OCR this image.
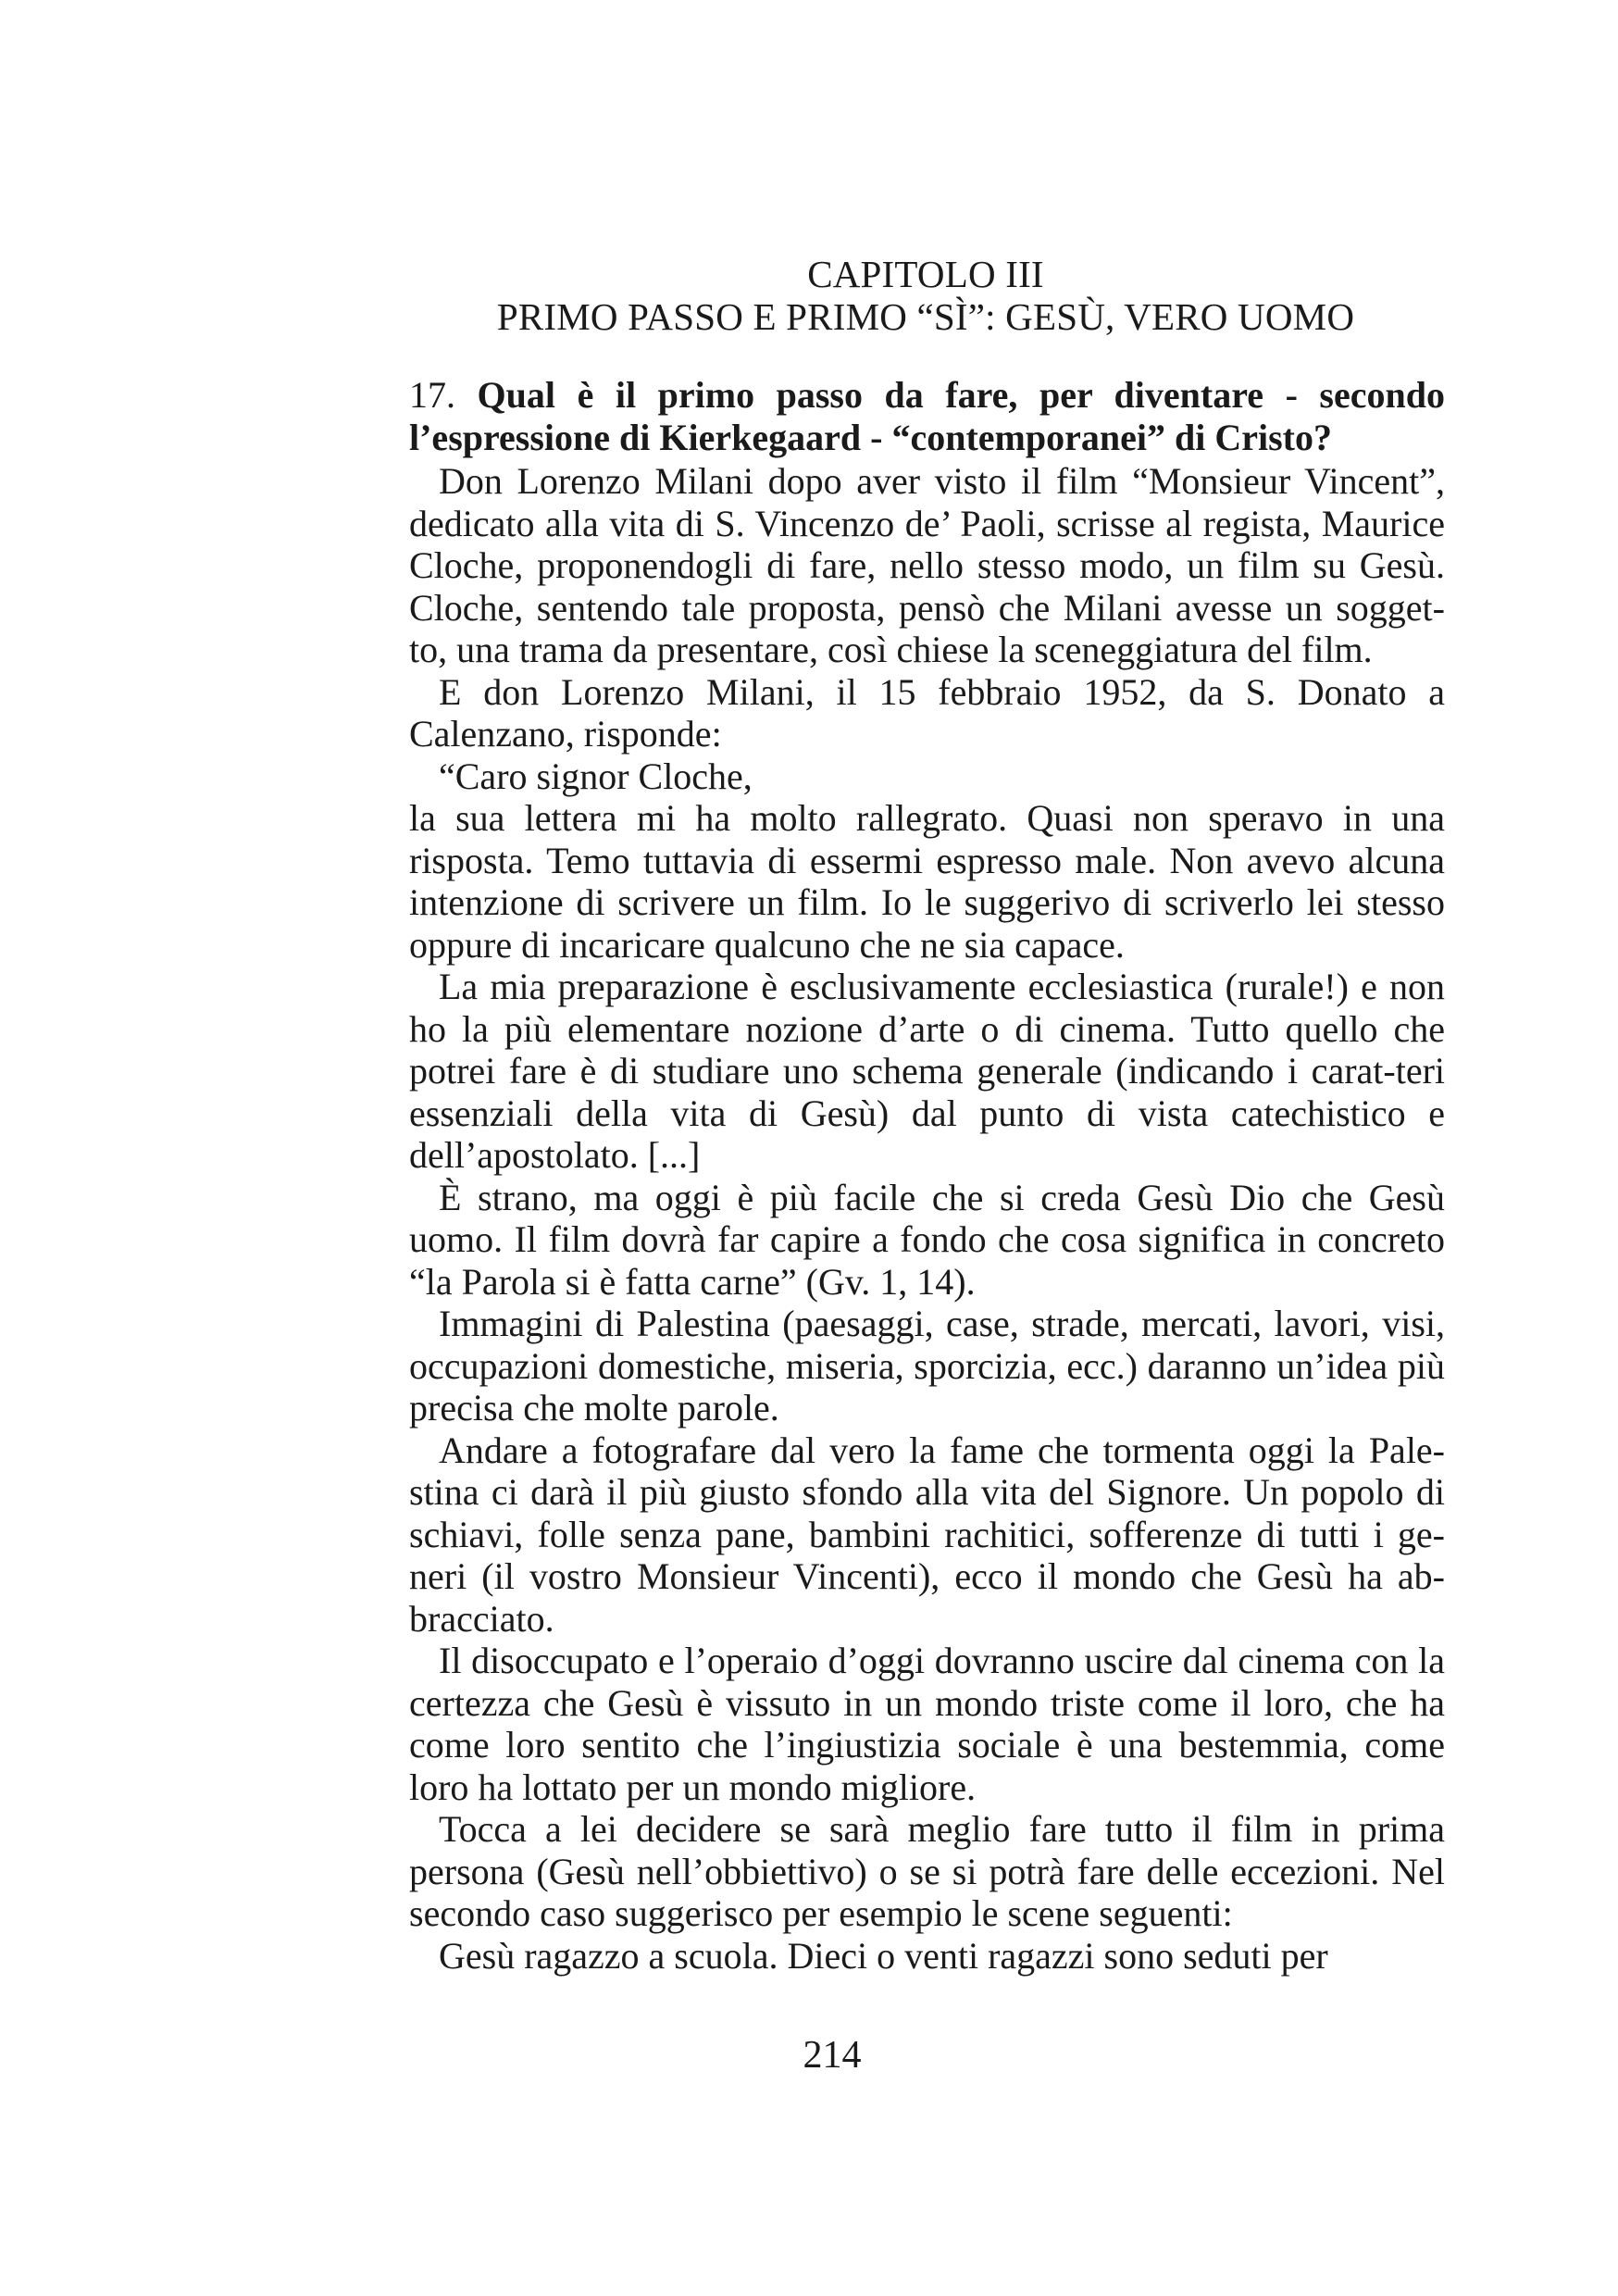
CAPITOLO III
PRIMO PASSO E PRIMO “SÌ”: GESÙ, VERO UOMO

17. Qual è il primo passo da fare, per diventare - secondo l’espressione di Kierkegaard - “contemporanei” di Cristo?

Don Lorenzo Milani dopo aver visto il film “Monsieur Vincent”, dedicato alla vita di S. Vincenzo de’ Paoli, scrisse al regista, Maurice Cloche, proponendogli di fare, nello stesso modo, un film su Gesù. Cloche, sentendo tale proposta, pensò che Milani avesse un sogget-to, una trama da presentare, così chiese la sceneggiatura del film.

E don Lorenzo Milani, il 15 febbraio 1952, da S. Donato a Calenzano, risponde:

“Caro signor Cloche,

la sua lettera mi ha molto rallegrato. Quasi non speravo in una risposta. Temo tuttavia di essermi espresso male. Non avevo alcuna intenzione di scrivere un film. Io le suggerivo di scriverlo lei stesso oppure di incaricare qualcuno che ne sia capace.

La mia preparazione è esclusivamente ecclesiastica (rurale!) e non ho la più elementare nozione d’arte o di cinema. Tutto quello che potrei fare è di studiare uno schema generale (indicando i carat-teri essenziali della vita di Gesù) dal punto di vista catechistico e dell’apostolato. [...]

È strano, ma oggi è più facile che si creda Gesù Dio che Gesù uomo. Il film dovrà far capire a fondo che cosa significa in concreto “la Parola si è fatta carne” (Gv. 1, 14).

Immagini di Palestina (paesaggi, case, strade, mercati, lavori, visi, occupazioni domestiche, miseria, sporcizia, ecc.) daranno un’idea più precisa che molte parole.

Andare a fotografare dal vero la fame che tormenta oggi la Pale-stina ci darà il più giusto sfondo alla vita del Signore. Un popolo di schiavi, folle senza pane, bambini rachitici, sofferenze di tutti i ge-neri (il vostro Monsieur Vincenti), ecco il mondo che Gesù ha ab-bracciato.

Il disoccupato e l’operaio d’oggi dovranno uscire dal cinema con la certezza che Gesù è vissuto in un mondo triste come il loro, che ha come loro sentito che l’ingiustizia sociale è una bestemmia, come loro ha lottato per un mondo migliore.

Tocca a lei decidere se sarà meglio fare tutto il film in prima persona (Gesù nell’obbiettivo) o se si potrà fare delle eccezioni. Nel secondo caso suggerisco per esempio le scene seguenti:

Gesù ragazzo a scuola. Dieci o venti ragazzi sono seduti per

214
